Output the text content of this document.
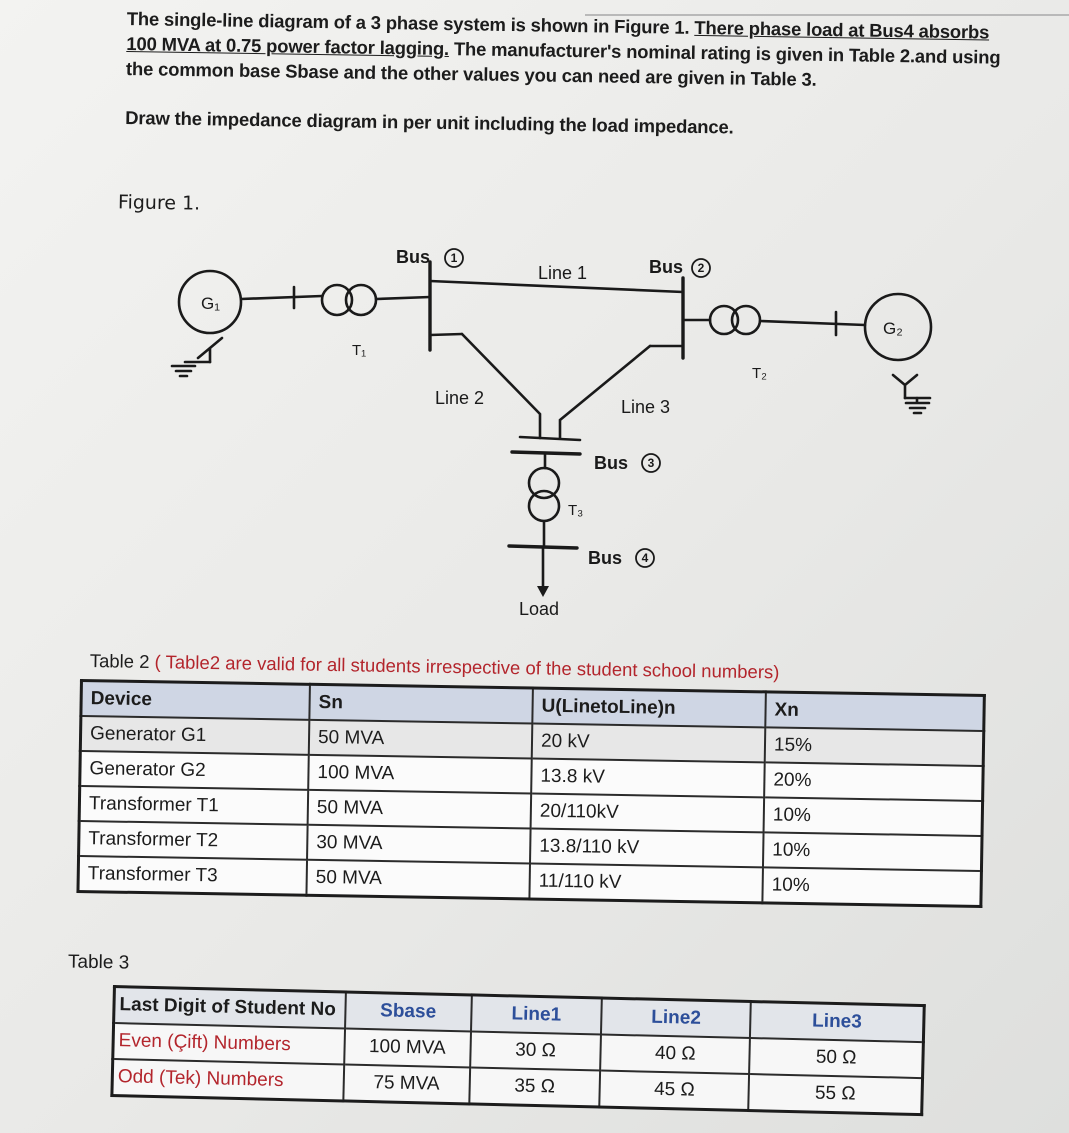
The single-line diagram of a 3 phase system is shown in Figure 1. There phase load at Bus4 absorbs 100 MVA at 0.75 power factor lagging. The manufacturer's nominal rating is given in Table 2.and using the common base Sbase and the other values you can need are given in Table 3.

Draw the impedance diagram in per unit including the load impedance.

Figure 1.
G₁
G₂
T₁
T₂
T₃
Bus	Bus
Bus
Bus
1
2
3
4
Line 1
Line 2	Line 3
Load
Table 2 ( Table2 are valid for all students irrespective of the student school numbers)
Device	Sn	U(LinetoLine)n	Xn
Generator G1	50 MVA	20 kV	15%
Generator G2	100 MVA	13.8 kV	20%
Transformer T1	50 MVA	20/110kV	10%
Transformer T2	30 MVA	13.8/110 kV	10%
Transformer T3	50 MVA	11/110 kV	10%
Table 3
Last Digit of Student No	Sbase	Line1	Line2	Line3
Even (Çift) Numbers	100 MVA	30 Ω	40 Ω	50 Ω
Odd (Tek) Numbers	75 MVA	35 Ω	45 Ω	55 Ω
